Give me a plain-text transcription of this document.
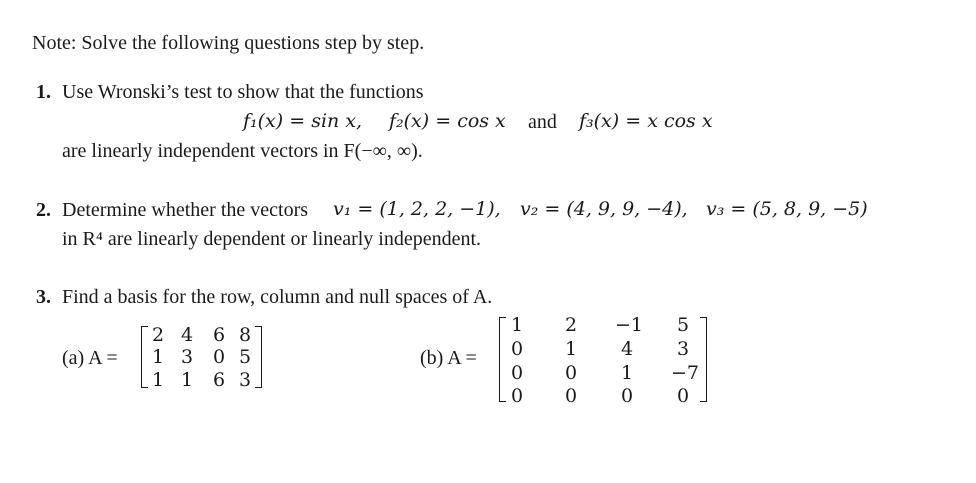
Note: Solve the following questions step by step.
1. Use Wronski’s test to show that the functions
f₁(x) = sin x, f₂(x) = cos x and f₃(x) = x cos x
are linearly independent vectors in F(−∞, ∞).
2. Determine whether the vectors v₁ = (1, 2, 2, −1), v₂ = (4, 9, 9, −4), v₃ = (5, 8, 9, −5)
in R⁴ are linearly dependent or linearly independent.
3. Find a basis for the row, column and null spaces of A.
(a) A =
2 4	6 8
1 3	0 5
1 1	6 3
(b) A =
1	2	−1	5
0	1	4	3
0	0	1	−7
0	0	0	0
